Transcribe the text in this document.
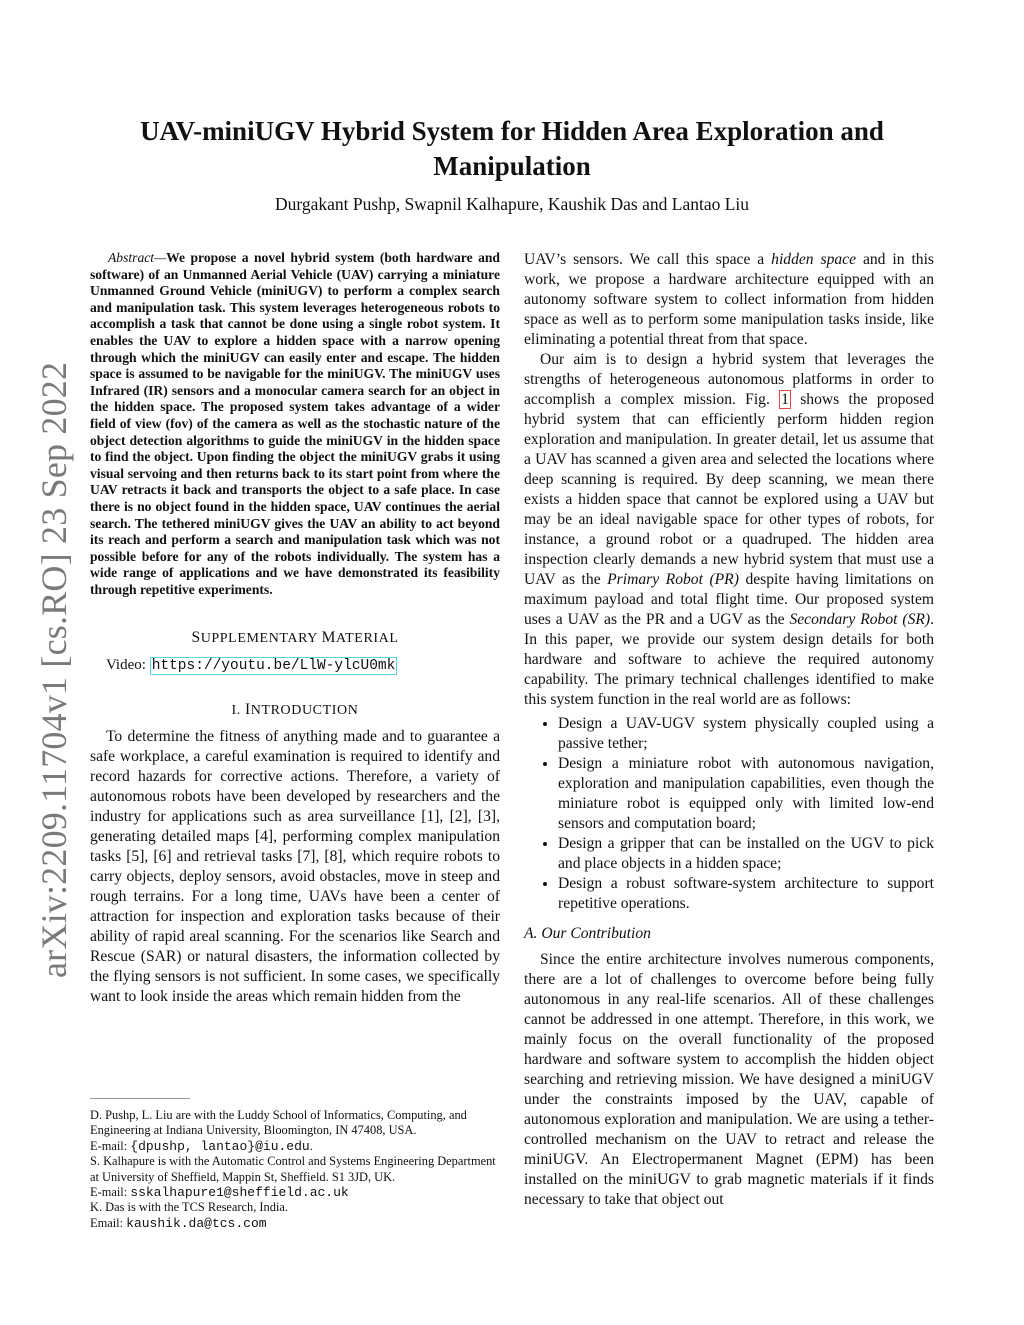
arXiv:2209.11704v1 [cs.RO] 23 Sep 2022
UAV-miniUGV Hybrid System for Hidden Area Exploration and Manipulation
Durgakant Pushp, Swapnil Kalhapure, Kaushik Das and Lantao Liu

Abstract—We propose a novel hybrid system (both hardware and software) of an Unmanned Aerial Vehicle (UAV) carrying a miniature Unmanned Ground Vehicle (miniUGV) to perform a complex search and manipulation task. This system leverages heterogeneous robots to accomplish a task that cannot be done using a single robot system. It enables the UAV to explore a hidden space with a narrow opening through which the miniUGV can easily enter and escape. The hidden space is assumed to be navigable for the miniUGV. The miniUGV uses Infrared (IR) sensors and a monocular camera search for an object in the hidden space. The proposed system takes advantage of a wider field of view (fov) of the camera as well as the stochastic nature of the object detection algorithms to guide the miniUGV in the hidden space to find the object. Upon finding the object the miniUGV grabs it using visual servoing and then returns back to its start point from where the UAV retracts it back and transports the object to a safe place. In case there is no object found in the hidden space, UAV continues the aerial search. The tethered miniUGV gives the UAV an ability to act beyond its reach and perform a search and manipulation task which was not possible before for any of the robots individually. The system has a wide range of applications and we have demonstrated its feasibility through repetitive experiments.

SUPPLEMENTARY MATERIAL

Video: https://youtu.be/LlW-ylcU0mk

I. INTRODUCTION

To determine the fitness of anything made and to guarantee a safe workplace, a careful examination is required to identify and record hazards for corrective actions. Therefore, a variety of autonomous robots have been developed by researchers and the industry for applications such as area surveillance [1], [2], [3], generating detailed maps [4], performing complex manipulation tasks [5], [6] and retrieval tasks [7], [8], which require robots to carry objects, deploy sensors, avoid obstacles, move in steep and rough terrains. For a long time, UAVs have been a center of attraction for inspection and exploration tasks because of their ability of rapid areal scanning. For the scenarios like Search and Rescue (SAR) or natural disasters, the information collected by the flying sensors is not sufficient. In some cases, we specifically want to look inside the areas which remain hidden from the

D. Pushp, L. Liu are with the Luddy School of Informatics, Computing, and Engineering at Indiana University, Bloomington, IN 47408, USA.
E-mail: {dpushp, lantao}@iu.edu.

S. Kalhapure is with the Automatic Control and Systems Engineering Department at University of Sheffield, Mappin St, Sheffield. S1 3JD, UK.
E-mail: sskalhapure1@sheffield.ac.uk

K. Das is with the TCS Research, India.
Email: kaushik.da@tcs.com

UAV’s sensors. We call this space a hidden space and in this work, we propose a hardware architecture equipped with an autonomy software system to collect information from hidden space as well as to perform some manipulation tasks inside, like eliminating a potential threat from that space.

Our aim is to design a hybrid system that leverages the strengths of heterogeneous autonomous platforms in order to accomplish a complex mission. Fig. 1 shows the proposed hybrid system that can efficiently perform hidden region exploration and manipulation. In greater detail, let us assume that a UAV has scanned a given area and selected the locations where deep scanning is required. By deep scanning, we mean there exists a hidden space that cannot be explored using a UAV but may be an ideal navigable space for other types of robots, for instance, a ground robot or a quadruped. The hidden area inspection clearly demands a new hybrid system that must use a UAV as the Primary Robot (PR) despite having limitations on maximum payload and total flight time. Our proposed system uses a UAV as the PR and a UGV as the Secondary Robot (SR). In this paper, we provide our system design details for both hardware and software to achieve the required autonomy capability. The primary technical challenges identified to make this system function in the real world are as follows:

• Design a UAV-UGV system physically coupled using a passive tether;
• Design a miniature robot with autonomous navigation, exploration and manipulation capabilities, even though the miniature robot is equipped only with limited low-end sensors and computation board;
• Design a gripper that can be installed on the UGV to pick and place objects in a hidden space;
• Design a robust software-system architecture to support repetitive operations.
A. Our Contribution

Since the entire architecture involves numerous components, there are a lot of challenges to overcome before being fully autonomous in any real-life scenarios. All of these challenges cannot be addressed in one attempt. Therefore, in this work, we mainly focus on the overall functionality of the proposed hardware and software system to accomplish the hidden object searching and retrieving mission. We have designed a miniUGV under the constraints imposed by the UAV, capable of autonomous exploration and manipulation. We are using a tether-controlled mechanism on the UAV to retract and release the miniUGV. An Electropermanent Magnet (EPM) has been installed on the miniUGV to grab magnetic materials if it finds necessary to take that object out
